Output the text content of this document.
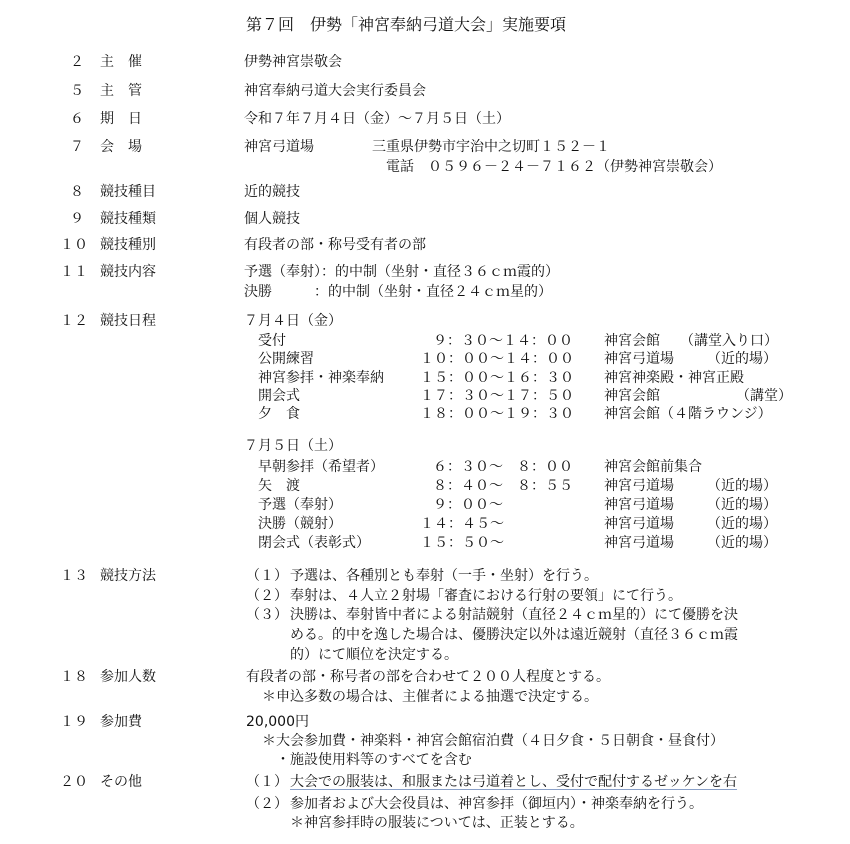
第７回　伊勢「神宮奉納弓道大会」実施要項
２ 主　催	伊勢神宮崇敬会
５ 主　管	神宮奉納弓道大会実行委員会
６ 期　日	令和７年７月４日（金）～７月５日（土）
７ 会　場	神宮弓道場	三重県伊勢市宇治中之切町１５２－１
電話　０５９６－２４－７１６２（伊勢神宮崇敬会）
８ 競技種目	近的競技
９ 競技種類	個人競技
１０ 競技種別	有段者の部・称号受有者の部
１１ 競技内容	予選（奉射）：的中制（坐射・直径３６ｃｍ霞的）
決勝　　　：的中制（坐射・直径２４ｃｍ星的）
１２ 競技日程	７月４日（金）
受付	９：３０～１４：００ 神宮会館 （講堂入り口）
公開練習	１０：００～１４：００ 神宮弓道場 （近的場）
神宮参拝・神楽奉納	１５：００～１６：３０ 神宮神楽殿・神宮正殿
開会式	１７：３０～１７：５０ 神宮会館	（講堂）
夕　食	１８：００～１９：３０ 神宮会館（４階ラウンジ）
７月５日（土）
早朝参拝（希望者）	６：３０～　８：００ 神宮会館前集合
矢　渡	８：４０～　８：５５ 神宮弓道場 （近的場）
予選（奉射）	９：００～	神宮弓道場 （近的場）
決勝（競射）	１４：４５～	神宮弓道場 （近的場）
閉会式（表彰式）	１５：５０～	神宮弓道場 （近的場）
１３ 競技方法	（１） 予選は、各種別とも奉射（一手・坐射）を行う。
（２） 奉射は、４人立２射場「審査における行射の要領」にて行う。
（３） 決勝は、奉射皆中者による射詰競射（直径２４ｃｍ星的）にて優勝を決
める。的中を逸した場合は、優勝決定以外は遠近競射（直径３６ｃｍ霞
的）にて順位を決定する。
１８ 参加人数	有段者の部・称号者の部を合わせて２００人程度とする。
＊申込多数の場合は、主催者による抽選で決定する。
１９ 参加費	20,000円
＊大会参加費・神楽料・神宮会館宿泊費（４日夕食・５日朝食・昼食付）
・施設使用料等のすべてを含む
２０ その他	（１） 大会での服装は、和服または弓道着とし、受付で配付するゼッケンを右
（２） 参加者および大会役員は、神宮参拝（御垣内）・神楽奉納を行う。
＊神宮参拝時の服装については、正装とする。
